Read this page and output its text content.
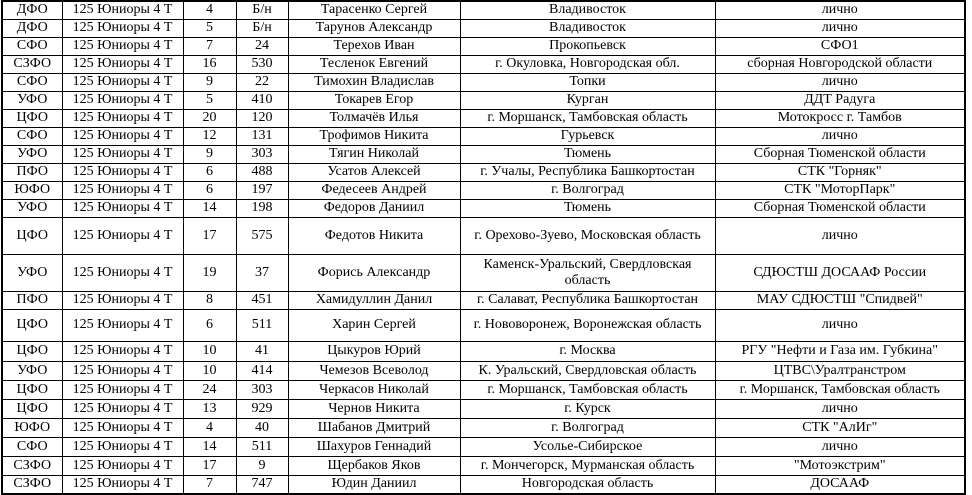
ДФО	125 Юниоры 4 Т	4	Б/н	Тарасенко Сергей	Владивосток	лично
ДФО	125 Юниоры 4 Т	5	Б/н	Тарунов Александр	Владивосток	лично
СФО	125 Юниоры 4 Т	7	24	Терехов Иван	Прокопьевск	СФО1
СЗФО	125 Юниоры 4 Т	16	530	Тесленок Евгений	г. Окуловка, Новгородская обл.	сборная Новгородской области
СФО	125 Юниоры 4 Т	9	22	Тимохин Владислав	Топки	лично
УФО	125 Юниоры 4 Т	5	410	Токарев Егор	Курган	ДДТ Радуга
ЦФО	125 Юниоры 4 Т	20	120	Толмачёв Илья	г. Моршанск, Тамбовская область	Мотокросс г. Тамбов
СФО	125 Юниоры 4 Т	12	131	Трофимов Никита	Гурьевск	лично
УФО	125 Юниоры 4 Т	9	303	Тягин Николай	Тюмень	Сборная Тюменской области
ПФО	125 Юниоры 4 Т	6	488	Усатов Алексей	г. Учалы, Республика Башкортостан	СТК "Горняк"
ЮФО	125 Юниоры 4 Т	6	197	Федесеев Андрей	г. Волгоград	СТК "МоторПарк"
УФО	125 Юниоры 4 Т	14	198	Федоров Даниил	Тюмень	Сборная Тюменской области
ЦФО	125 Юниоры 4 Т	17	575	Федотов Никита	г. Орехово-Зуево, Московская область	лично
УФО	125 Юниоры 4 Т	19	37	Форись Александр	Каменск-Уральский, Свердловская область	СДЮСТШ ДОСААФ России
ПФО	125 Юниоры 4 Т	8	451	Хамидуллин Данил	г. Салават, Республика Башкортостан	МАУ СДЮСТШ "Спидвей"
ЦФО	125 Юниоры 4 Т	6	511	Харин Сергей	г. Нововоронеж, Воронежская область	лично
ЦФО	125 Юниоры 4 Т	10	41	Цыкуров Юрий	г. Москва	РГУ "Нефти и Газа им. Губкина"
УФО	125 Юниоры 4 Т	10	414	Чемезов Всеволод	К. Уральский, Свердловская область	ЦТВС\Уралтранстром
ЦФО	125 Юниоры 4 Т	24	303	Черкасов Николай	г. Моршанск, Тамбовская область	г. Моршанск, Тамбовская область
ЦФО	125 Юниоры 4 Т	13	929	Чернов Никита	г. Курск	лично
ЮФО	125 Юниоры 4 Т	4	40	Шабанов Дмитрий	г. Волгоград	СТК "АлИг"
СФО	125 Юниоры 4 Т	14	511	Шахуров Геннадий	Усолье-Сибирское	лично
СЗФО	125 Юниоры 4 Т	17	9	Щербаков Яков	г. Мончегорск, Мурманская область	"Мотоэкстрим"
СЗФО	125 Юниоры 4 Т	7	747	Юдин Даниил	Новгородская область	ДОСААФ
